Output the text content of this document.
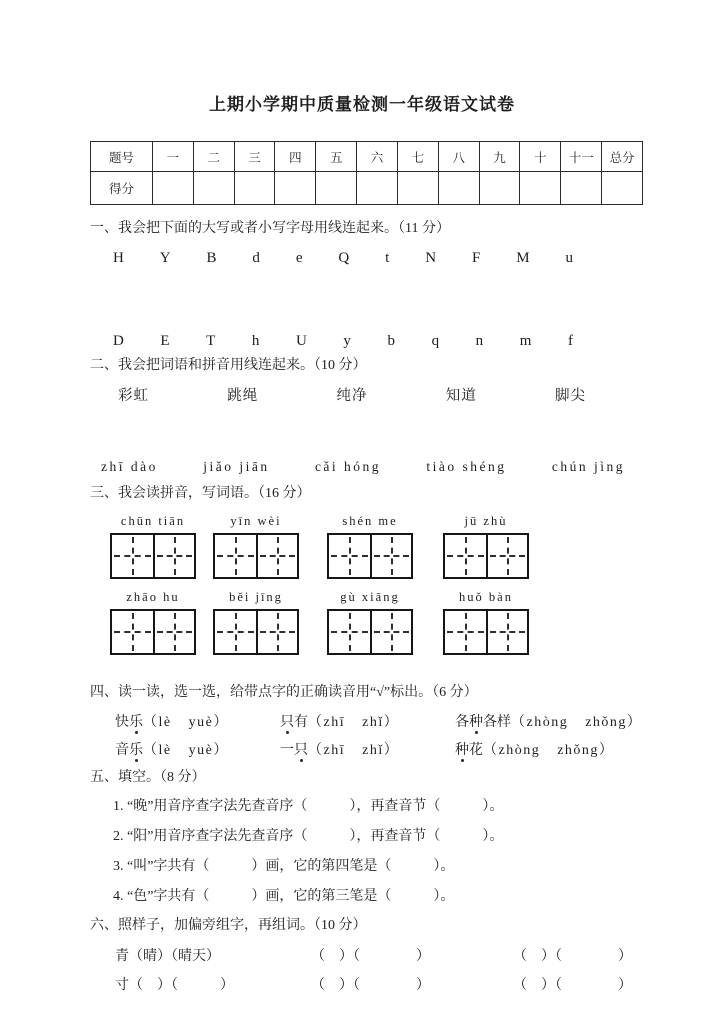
上期小学期中质量检测一年级语文试卷
题号	一	二	三	四	五	六	七	八	九	十	十一	总分
得分												
一、我会把下面的大写或者小写字母用线连起来。（11 分）
H Y B d e Q t N F M u
D E T h U y b q n m f
二、我会把词语和拼音用线连起来。（10 分）
彩虹	跳绳	纯净	知道	脚尖
zhī dào	jiǎo jiān	cǎi hóng	tiào shéng	chún jìng
三、我会读拼音，写词语。（16 分）
chūn tiān	yīn wèi	shén me	jū zhù
zhāo hu	běi jīng	gù xiāng	huǒ bàn
四、读一读，选一选，给带点字的正确读音用“√”标出。（6 分）
快乐（lè yuè）	只有（zhī zhǐ）	各种各样（zhòng zhǒng）
音乐（lè yuè）	一只（zhī zhǐ）	种花（zhòng zhǒng）
五、填空。（8 分）
1. “晚”用音序查字法先查音序（　　　），再查音节（　　　）。
2. “阳”用音序查字法先查音序（　　　），再查音节（　　　）。
3. “叫”字共有（　　　）画，它的第四笔是（　　　）。
4. “色”字共有（　　　）画，它的第三笔是（　　　）。
六、照样子，加偏旁组字，再组词。（10 分）
青（晴）（晴天）	（　）（　　　　）	（　）（　　　　）
寸（　）（　　　）	（　）（　　　　）	（　）（　　　　）
